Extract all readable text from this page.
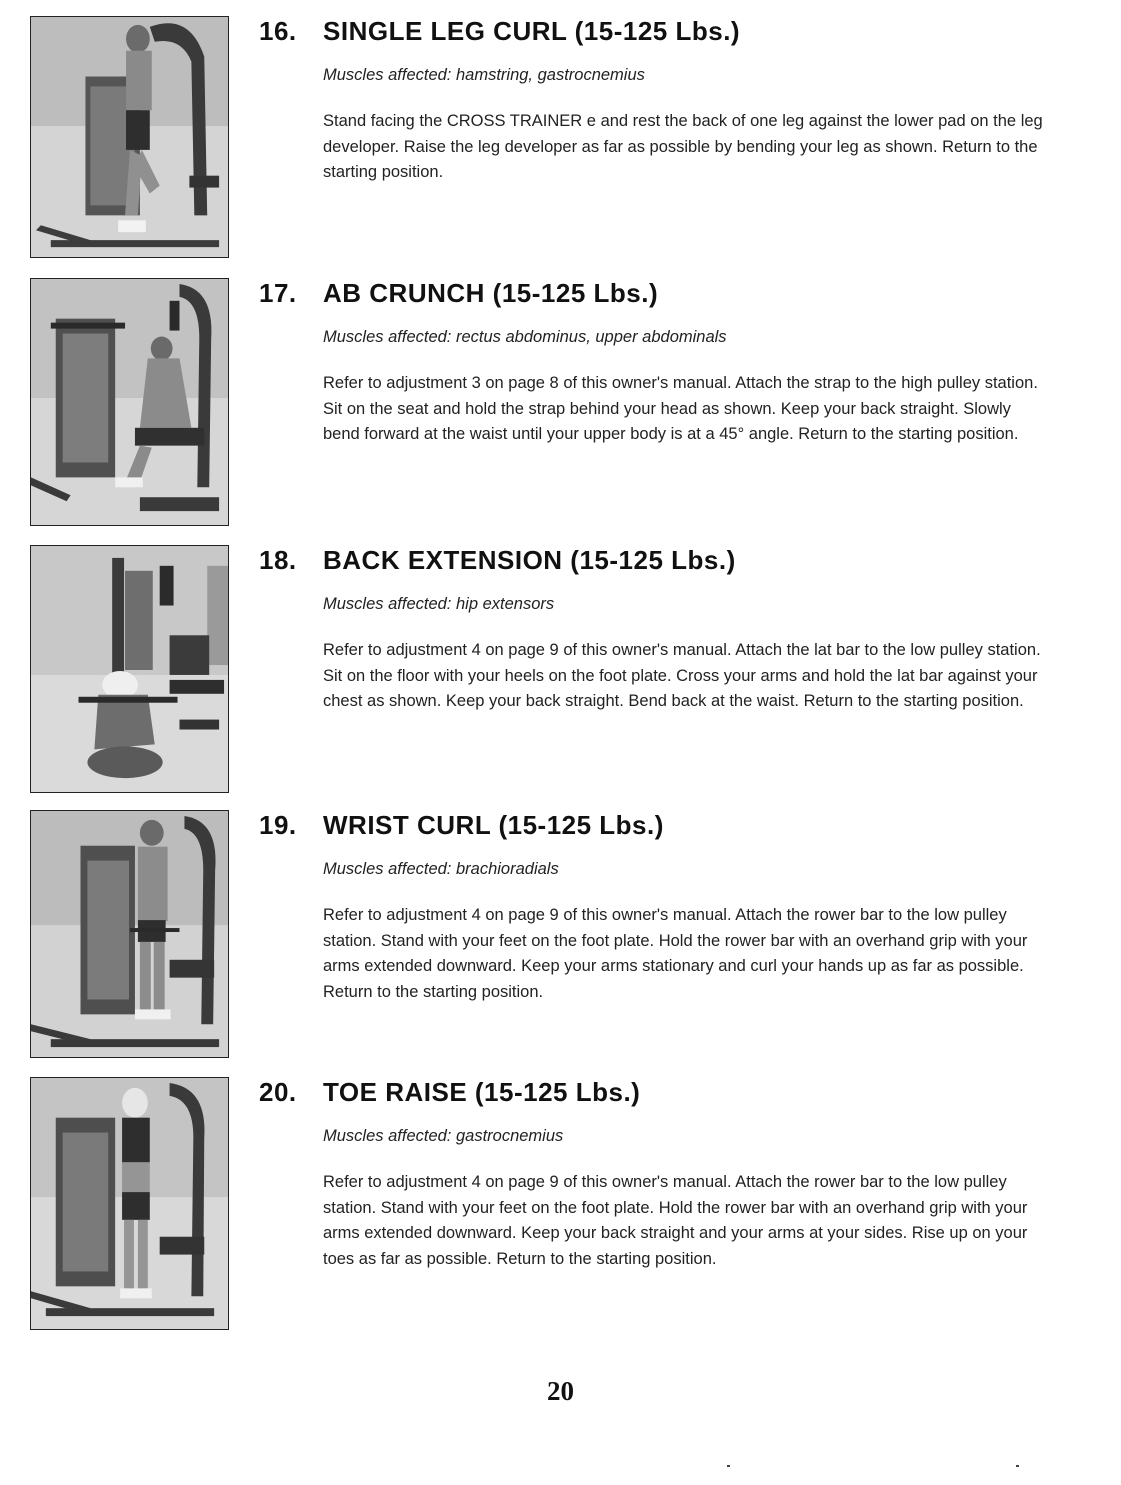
16. SINGLE LEG CURL (15-125 Lbs.)
Muscles affected: hamstring, gastrocnemius

Stand facing the CROSS TRAINER e and rest the back of one leg against the lower pad on the leg developer. Raise the leg developer as far as possible by bending your leg as shown. Return to the starting position.

17. AB CRUNCH (15-125 Lbs.)
Muscles affected: rectus abdominus, upper abdominals

Refer to adjustment 3 on page 8 of this owner's manual. Attach the strap to the high pulley station. Sit on the seat and hold the strap behind your head as shown. Keep your back straight. Slowly bend forward at the waist until your upper body is at a 45° angle. Return to the starting position.

18. BACK EXTENSION (15-125 Lbs.)
Muscles affected: hip extensors

Refer to adjustment 4 on page 9 of this owner's manual. Attach the lat bar to the low pulley station. Sit on the floor with your heels on the foot plate. Cross your arms and hold the lat bar against your chest as shown. Keep your back straight. Bend back at the waist. Return to the starting position.

19. WRIST CURL (15-125 Lbs.)
Muscles affected: brachioradials

Refer to adjustment 4 on page 9 of this owner's manual. Attach the rower bar to the low pulley station. Stand with your feet on the foot plate. Hold the rower bar with an overhand grip with your arms extended downward. Keep your arms stationary and curl your hands up as far as possible. Return to the starting position.

20. TOE RAISE (15-125 Lbs.)
Muscles affected: gastrocnemius

Refer to adjustment 4 on page 9 of this owner's manual. Attach the rower bar to the low pulley station. Stand with your feet on the foot plate. Hold the rower bar with an overhand grip with your arms extended downward. Keep your back straight and your arms at your sides. Rise up on your toes as far as possible. Return to the starting position.

20
